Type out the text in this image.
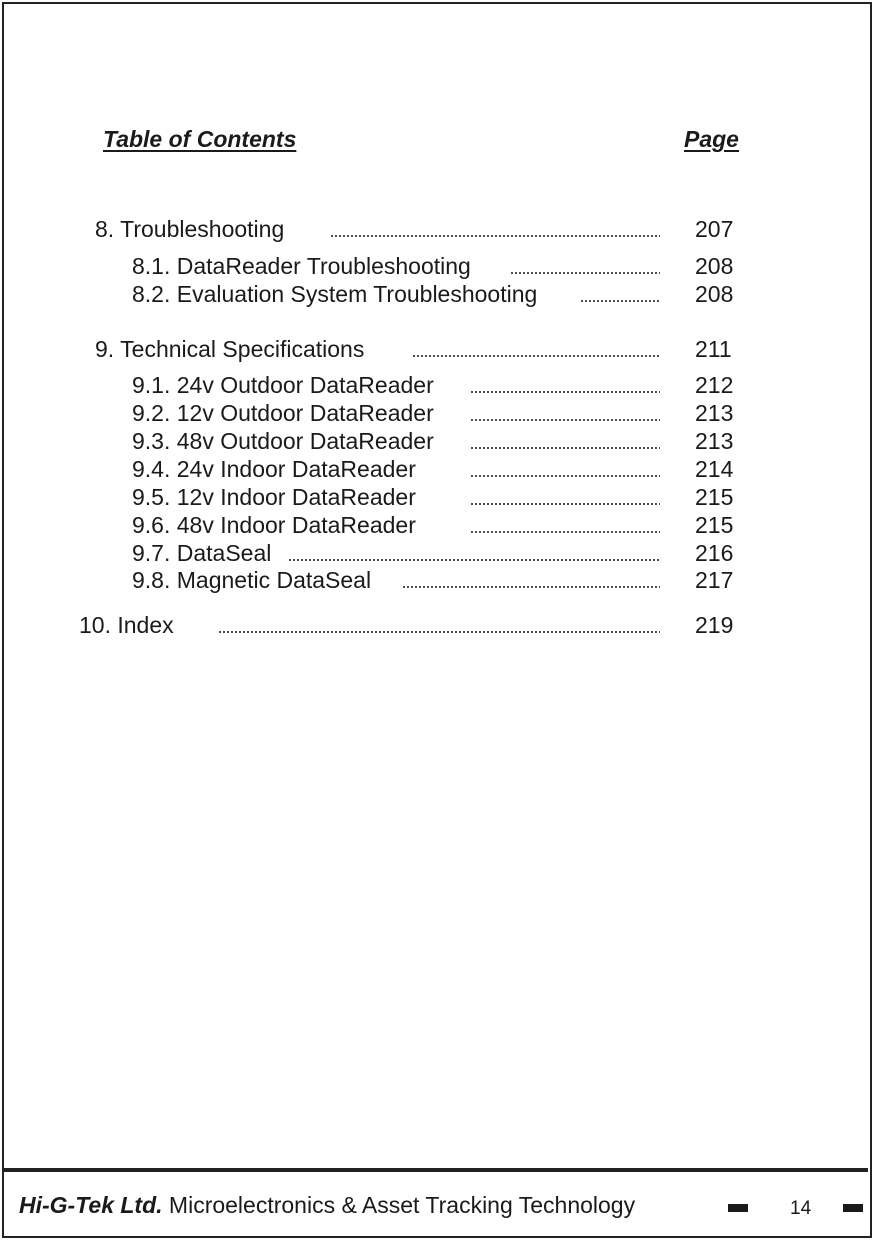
Table of Contents	Page
8. Troubleshooting	207
8.1. DataReader Troubleshooting	208
8.2. Evaluation System Troubleshooting	208
9. Technical Specifications	211
9.1. 24v Outdoor DataReader	212
9.2. 12v Outdoor DataReader	213
9.3. 48v Outdoor DataReader	213
9.4. 24v Indoor DataReader	214
9.5. 12v Indoor DataReader	215
9.6. 48v Indoor DataReader	215
9.7. DataSeal	216
9.8. Magnetic DataSeal	217
10. Index	219
Hi-G-Tek Ltd. Microelectronics & Asset Tracking Technology	14
